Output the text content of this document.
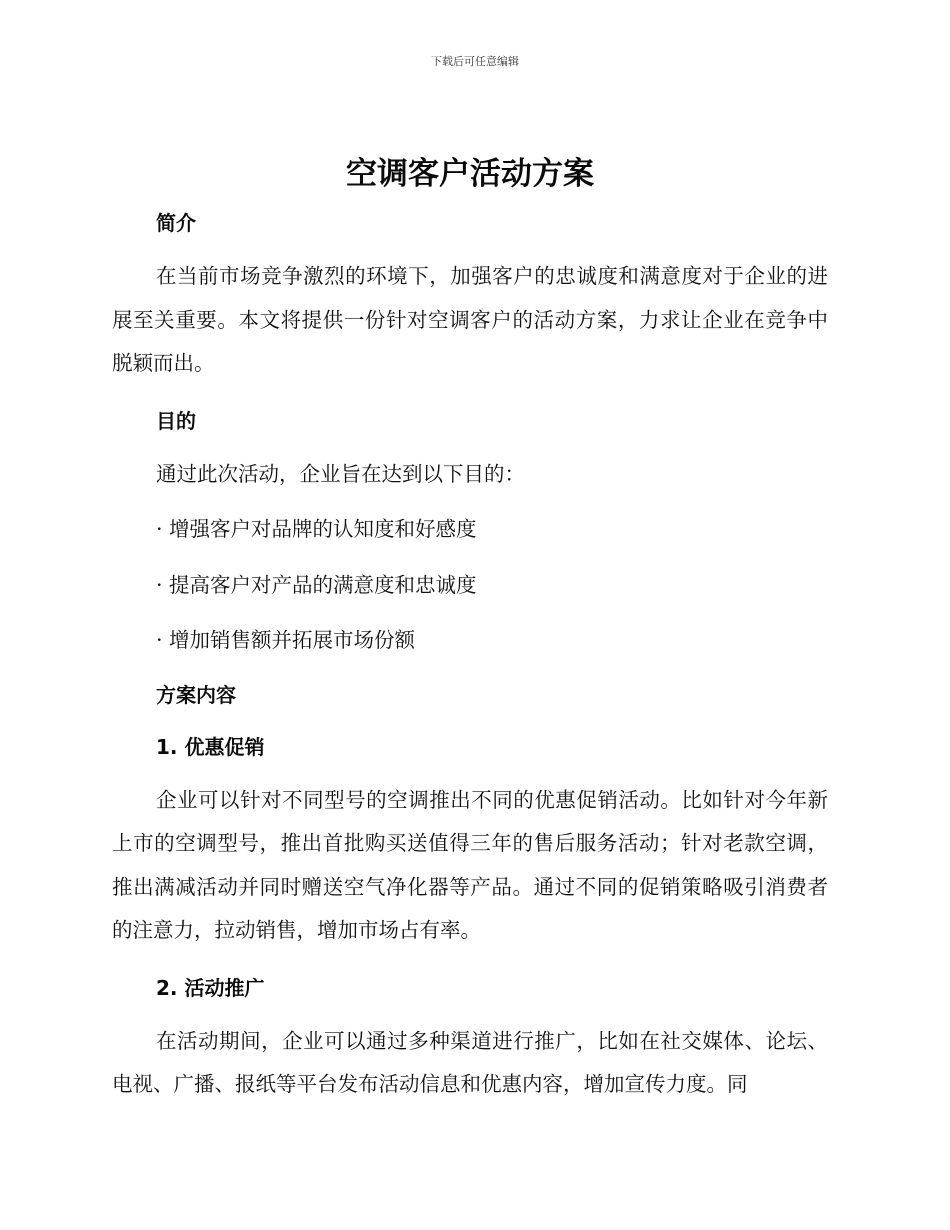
下载后可任意编辑
空调客户活动方案
简介

在当前市场竞争激烈的环境下，加强客户的忠诚度和满意度对于企业的进展至关重要。本文将提供一份针对空调客户的活动方案，力求让企业在竞争中脱颖而出。

目的

通过此次活动，企业旨在达到以下目的：

· 增强客户对品牌的认知度和好感度

· 提高客户对产品的满意度和忠诚度

· 增加销售额并拓展市场份额

方案内容
1. 优惠促销

企业可以针对不同型号的空调推出不同的优惠促销活动。比如针对今年新上市的空调型号，推出首批购买送值得三年的售后服务活动；针对老款空调，推出满减活动并同时赠送空气净化器等产品。通过不同的促销策略吸引消费者的注意力，拉动销售，增加市场占有率。

2. 活动推广

在活动期间，企业可以通过多种渠道进行推广，比如在社交媒体、论坛、电视、广播、报纸等平台发布活动信息和优惠内容，增加宣传力度。同
